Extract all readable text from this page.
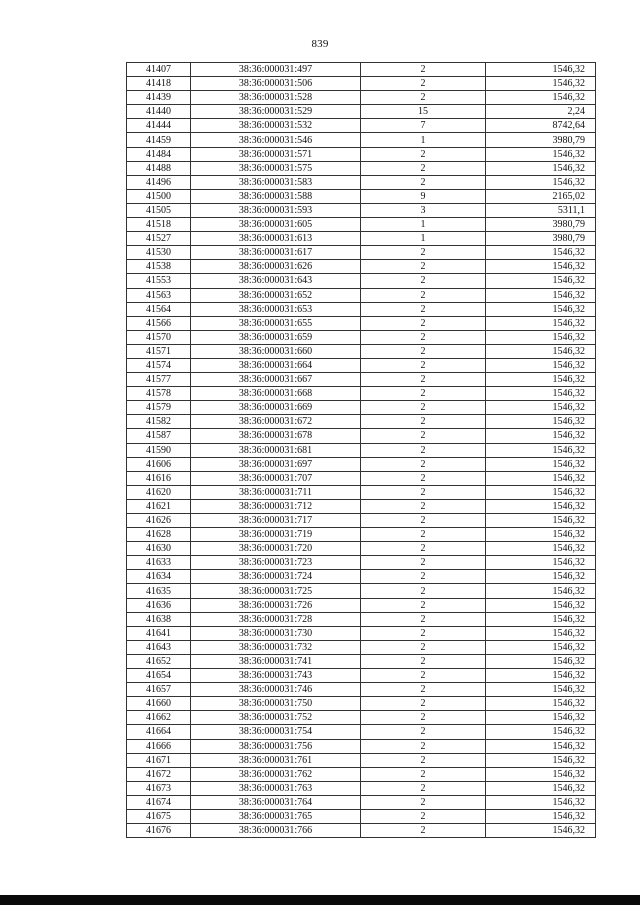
839
41407	38:36:000031:497	2	1546,32
41418	38:36:000031:506	2	1546,32
41439	38:36:000031:528	2	1546,32
41440	38:36:000031:529	15	2,24
41444	38:36:000031:532	7	8742,64
41459	38:36:000031:546	1	3980,79
41484	38:36:000031:571	2	1546,32
41488	38:36:000031:575	2	1546,32
41496	38:36:000031:583	2	1546,32
41500	38:36:000031:588	9	2165,02
41505	38:36:000031:593	3	5311,1
41518	38:36:000031:605	1	3980,79
41527	38:36:000031:613	1	3980,79
41530	38:36:000031:617	2	1546,32
41538	38:36:000031:626	2	1546,32
41553	38:36:000031:643	2	1546,32
41563	38:36:000031:652	2	1546,32
41564	38:36:000031:653	2	1546,32
41566	38:36:000031:655	2	1546,32
41570	38:36:000031:659	2	1546,32
41571	38:36:000031:660	2	1546,32
41574	38:36:000031:664	2	1546,32
41577	38:36:000031:667	2	1546,32
41578	38:36:000031:668	2	1546,32
41579	38:36:000031:669	2	1546,32
41582	38:36:000031:672	2	1546,32
41587	38:36:000031:678	2	1546,32
41590	38:36:000031:681	2	1546,32
41606	38:36:000031:697	2	1546,32
41616	38:36:000031:707	2	1546,32
41620	38:36:000031:711	2	1546,32
41621	38:36:000031:712	2	1546,32
41626	38:36:000031:717	2	1546,32
41628	38:36:000031:719	2	1546,32
41630	38:36:000031:720	2	1546,32
41633	38:36:000031:723	2	1546,32
41634	38:36:000031:724	2	1546,32
41635	38:36:000031:725	2	1546,32
41636	38:36:000031:726	2	1546,32
41638	38:36:000031:728	2	1546,32
41641	38:36:000031:730	2	1546,32
41643	38:36:000031:732	2	1546,32
41652	38:36:000031:741	2	1546,32
41654	38:36:000031:743	2	1546,32
41657	38:36:000031:746	2	1546,32
41660	38:36:000031:750	2	1546,32
41662	38:36:000031:752	2	1546,32
41664	38:36:000031:754	2	1546,32
41666	38:36:000031:756	2	1546,32
41671	38:36:000031:761	2	1546,32
41672	38:36:000031:762	2	1546,32
41673	38:36:000031:763	2	1546,32
41674	38:36:000031:764	2	1546,32
41675	38:36:000031:765	2	1546,32
41676	38:36:000031:766	2	1546,32
